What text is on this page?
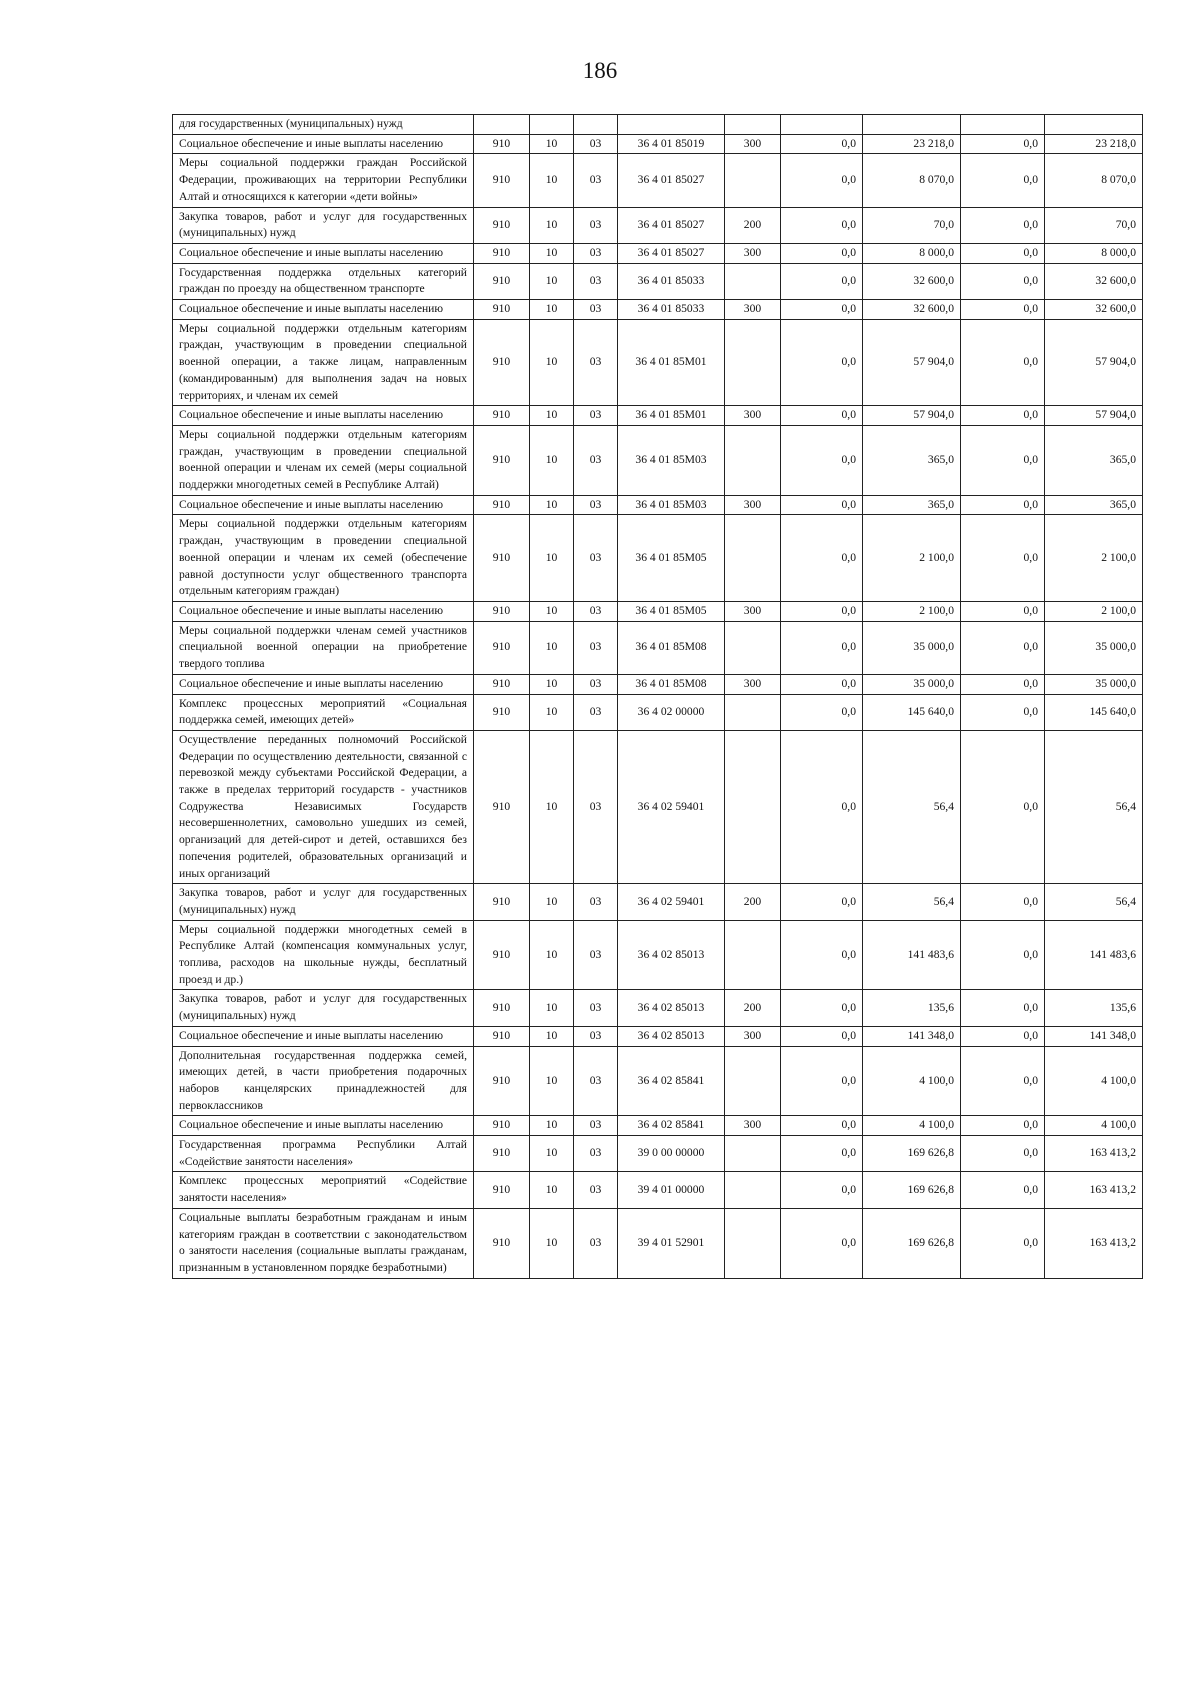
186
для государственных (муниципальных) нужд									
Социальное обеспечение и иные выплаты населению	910	10	03	36 4 01 85019	300	0,0	23 218,0	0,0	23 218,0
Меры социальной поддержки граждан Российской Федерации, проживающих на территории Республики Алтай и относящихся к категории «дети войны»	910	10	03	36 4 01 85027		0,0	8 070,0	0,0	8 070,0
Закупка товаров, работ и услуг для государственных (муниципальных) нужд	910	10	03	36 4 01 85027	200	0,0	70,0	0,0	70,0
Социальное обеспечение и иные выплаты населению	910	10	03	36 4 01 85027	300	0,0	8 000,0	0,0	8 000,0
Государственная поддержка отдельных категорий граждан по проезду на общественном транспорте	910	10	03	36 4 01 85033		0,0	32 600,0	0,0	32 600,0
Социальное обеспечение и иные выплаты населению	910	10	03	36 4 01 85033	300	0,0	32 600,0	0,0	32 600,0
Меры социальной поддержки отдельным категориям граждан, участвующим в проведении специальной военной операции, а также лицам, направленным (командированным) для выполнения задач на новых территориях, и членам их семей	910	10	03	36 4 01 85M01		0,0	57 904,0	0,0	57 904,0
Социальное обеспечение и иные выплаты населению	910	10	03	36 4 01 85M01	300	0,0	57 904,0	0,0	57 904,0
Меры социальной поддержки отдельным категориям граждан, участвующим в проведении специальной военной операции и членам их семей (меры социальной поддержки многодетных семей в Республике Алтай)	910	10	03	36 4 01 85M03		0,0	365,0	0,0	365,0
Социальное обеспечение и иные выплаты населению	910	10	03	36 4 01 85M03	300	0,0	365,0	0,0	365,0
Меры социальной поддержки отдельным категориям граждан, участвующим в проведении специальной военной операции и членам их семей (обеспечение равной доступности услуг общественного транспорта отдельным категориям граждан)	910	10	03	36 4 01 85M05		0,0	2 100,0	0,0	2 100,0
Социальное обеспечение и иные выплаты населению	910	10	03	36 4 01 85M05	300	0,0	2 100,0	0,0	2 100,0
Меры социальной поддержки членам семей участников специальной военной операции на приобретение твердого топлива	910	10	03	36 4 01 85M08		0,0	35 000,0	0,0	35 000,0
Социальное обеспечение и иные выплаты населению	910	10	03	36 4 01 85M08	300	0,0	35 000,0	0,0	35 000,0
Комплекс процессных мероприятий «Социальная поддержка семей, имеющих детей»	910	10	03	36 4 02 00000		0,0	145 640,0	0,0	145 640,0
Осуществление переданных полномочий Российской Федерации по осуществлению деятельности, связанной с перевозкой между субъектами Российской Федерации, а также в пределах территорий государств - участников Содружества Независимых Государств несовершеннолетних, самовольно ушедших из семей, организаций для детей-сирот и детей, оставшихся без попечения родителей, образовательных организаций и иных организаций	910	10	03	36 4 02 59401		0,0	56,4	0,0	56,4
Закупка товаров, работ и услуг для государственных (муниципальных) нужд	910	10	03	36 4 02 59401	200	0,0	56,4	0,0	56,4
Меры социальной поддержки многодетных семей в Республике Алтай (компенсация коммунальных услуг, топлива, расходов на школьные нужды, бесплатный проезд и др.)	910	10	03	36 4 02 85013		0,0	141 483,6	0,0	141 483,6
Закупка товаров, работ и услуг для государственных (муниципальных) нужд	910	10	03	36 4 02 85013	200	0,0	135,6	0,0	135,6
Социальное обеспечение и иные выплаты населению	910	10	03	36 4 02 85013	300	0,0	141 348,0	0,0	141 348,0
Дополнительная государственная поддержка семей, имеющих детей, в части приобретения подарочных наборов канцелярских принадлежностей для первоклассников	910	10	03	36 4 02 85841		0,0	4 100,0	0,0	4 100,0
Социальное обеспечение и иные выплаты населению	910	10	03	36 4 02 85841	300	0,0	4 100,0	0,0	4 100,0
Государственная программа Республики Алтай «Содействие занятости населения»	910	10	03	39 0 00 00000		0,0	169 626,8	0,0	163 413,2
Комплекс процессных мероприятий «Содействие занятости населения»	910	10	03	39 4 01 00000		0,0	169 626,8	0,0	163 413,2
Социальные выплаты безработным гражданам и иным категориям граждан в соответствии с законодательством о занятости населения (социальные выплаты гражданам, признанным в установленном порядке безработными)	910	10	03	39 4 01 52901		0,0	169 626,8	0,0	163 413,2
